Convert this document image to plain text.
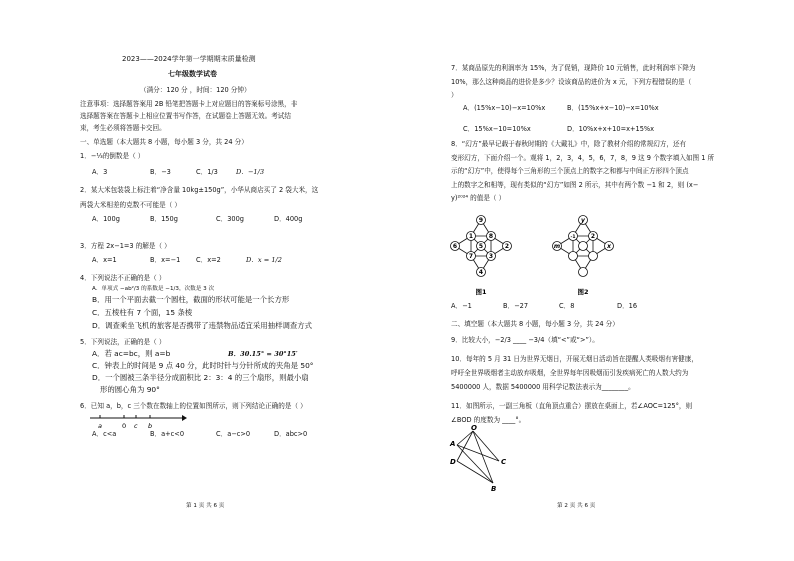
2023——2024学年第一学期期末质量检测
七年级数学试卷
（满分：120 分 ，时间：120 分钟）
注意事项：选择题答案用 2B 铅笔把答题卡上对应题目的答案标号涂黑，非
选择题答案在答题卡上相应位置书写作答，在试题卷上答题无效。考试结
束，考生必须将答题卡交回。
一、单选题（本大题共 8 小题，每小题 3 分，共 24 分）
1．−⅓的倒数是（ ）
A．3	B．−3	C．1/3	D．−1/3
2．某大米包装袋上标注着“净含量 10kg±150g”，小华从商店买了 2 袋大米，这
两袋大米相差的克数不可能是（ ）
A．100g	B．150g	C．300g	D．400g
3．方程 2x−1=3 的解是（ ）
A．x=1	B．x=−1 C．x=2	D．x = 1/2
4．下列说法不正确的是（ ）
A．单项式 −ab²/3 的系数是 −1/3，次数是 3 次
B．用一个平面去截一个圆柱，截面的形状可能是一个长方形
C．五棱柱有 7 个面，15 条棱
D．调查乘坐飞机的旅客是否携带了违禁物品适宜采用抽样调查方式
5．下列说法，正确的是（ ）
A．若 ac=bc，则 a=b	B．30.15° = 30°15′
C．钟表上的时间是 9 点 40 分，此时时针与分针所成的夹角是 50°
D．一个圆被三条半径分成面积比 2：3：4 的三个扇形，则最小扇
形的圆心角为 90°
6．已知 a，b，c 三个数在数轴上的位置如图所示，则下列结论正确的是（ ）
a	0 c b
A．c<a	B．a+c<0	C．a−c>0	D．abc>0
第 1 页 共 6 页
7．某商品原先的利润率为 15%，为了促销，现降价 10 元销售，此时利润率下降为
10%，那么这种商品的进价是多少？设该商品的进价为 x 元，下列方程错误的是（
）
A．(15%x−10)−x=10%x	B．(15%x+x−10)−x=10%x
C．15%x−10=10%x	D．10%x+x+10=x+15%x
8．“幻方”最早记载于春秋时期的《大戴礼》中，除了教材介绍的常规幻方，还有
变形幻方，下面介绍一个。观将 1，2，3，4，5，6，7，8，9 这 9 个数字填入如图 1 所
示的“幻方”中，使得每个三角形的三个顶点上的数字之和都与中间正方形四个顶点
上的数字之和相等，现有类似的“幻方”如图 2 所示，其中有两个数 −1 和 2，则 (x−
y)²⁰²⁴ 的值是（ ）
9
1
5
8
6	2
7	3
4
图1
y
m
-1	2
x
图2
A．−1	B．−27	C．8	D．16
二、填空题（本大题共 8 小题，每小题 3 分，共 24 分）
9．比较大小，−2/3 ____ −3/4（填“<”或“>”）。
10．每年的 5 月 31 日为世界无烟日，开展无烟日活动旨在提醒人类吸烟有害健康，
呼吁全世界吸烟者主动放弃吸烟，全世界每年因吸烟而引发疾病死亡的人数大约为
5400000 人，数据 5400000 用科学记数法表示为________。
11．如图所示，一副三角板（直角顶点重合）摆放在桌面上，若∠AOC=125°，则
∠BOD 的度数为 ____°。
O
A
D	C
B
第 2 页 共 6 页
